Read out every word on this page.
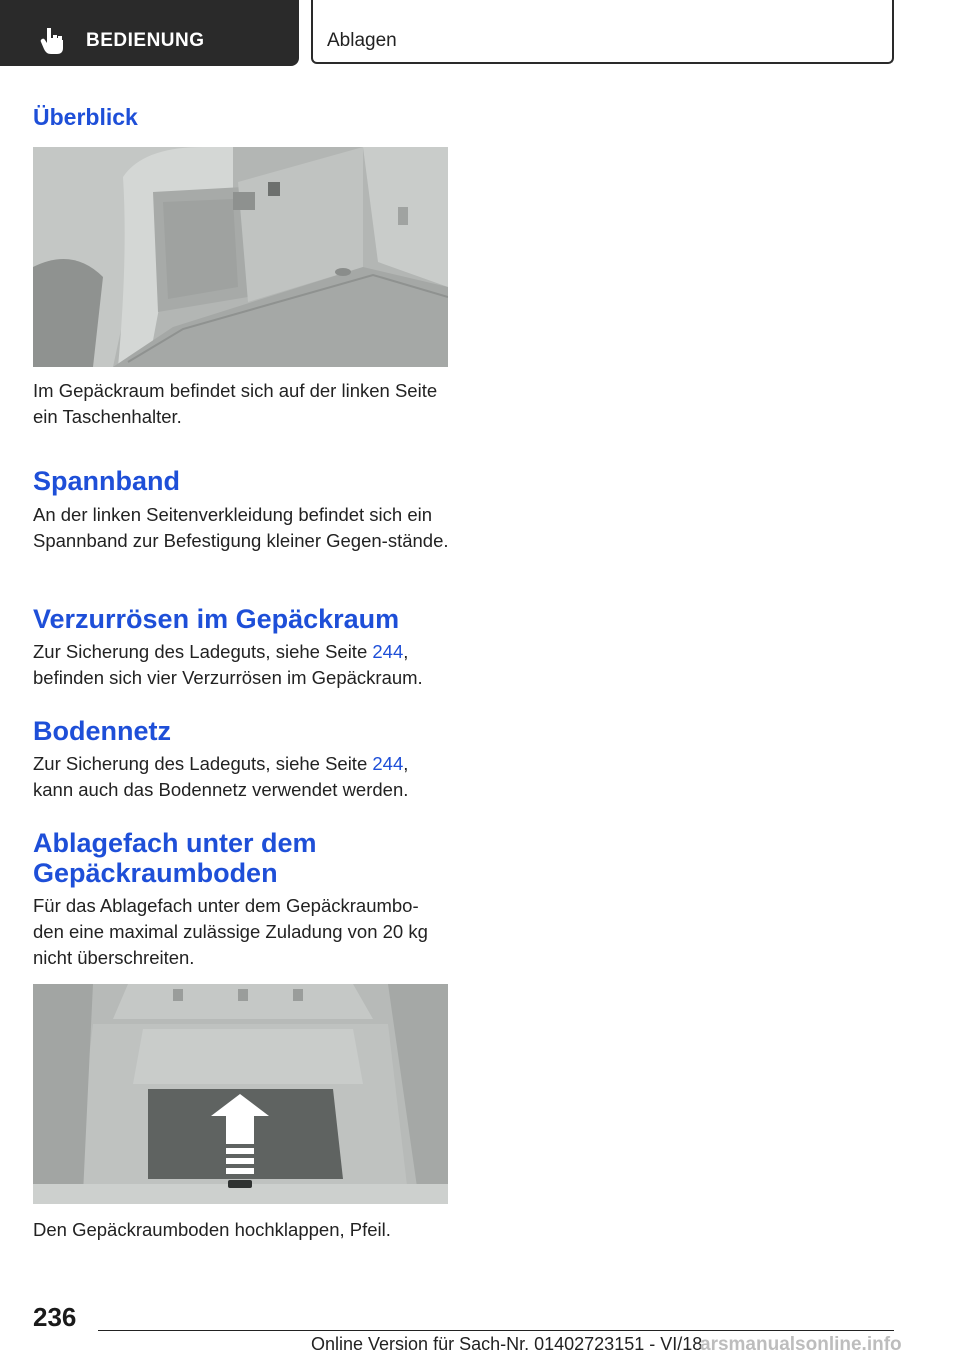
BEDIENUNG	Ablagen
Überblick

Im Gepäckraum befindet sich auf der linken Seite ein Taschenhalter.

Spannband

An der linken Seitenverkleidung befindet sich ein Spannband zur Befestigung kleiner Gegen-stände.

Verzurrösen im Gepäckraum

Zur Sicherung des Ladeguts, siehe Seite 244, befinden sich vier Verzurrösen im Gepäckraum.

Bodennetz

Zur Sicherung des Ladeguts, siehe Seite 244, kann auch das Bodennetz verwendet werden.

Ablagefach unter dem
Gepäckraumboden

Für das Ablagefach unter dem Gepäckraumbo-den eine maximal zulässige Zuladung von 20 kg nicht überschreiten.

Den Gepäckraumboden hochklappen, Pfeil.

236
Online Version für Sach-Nr. 01402723151 - VI/18
arsmanualsonline.info
